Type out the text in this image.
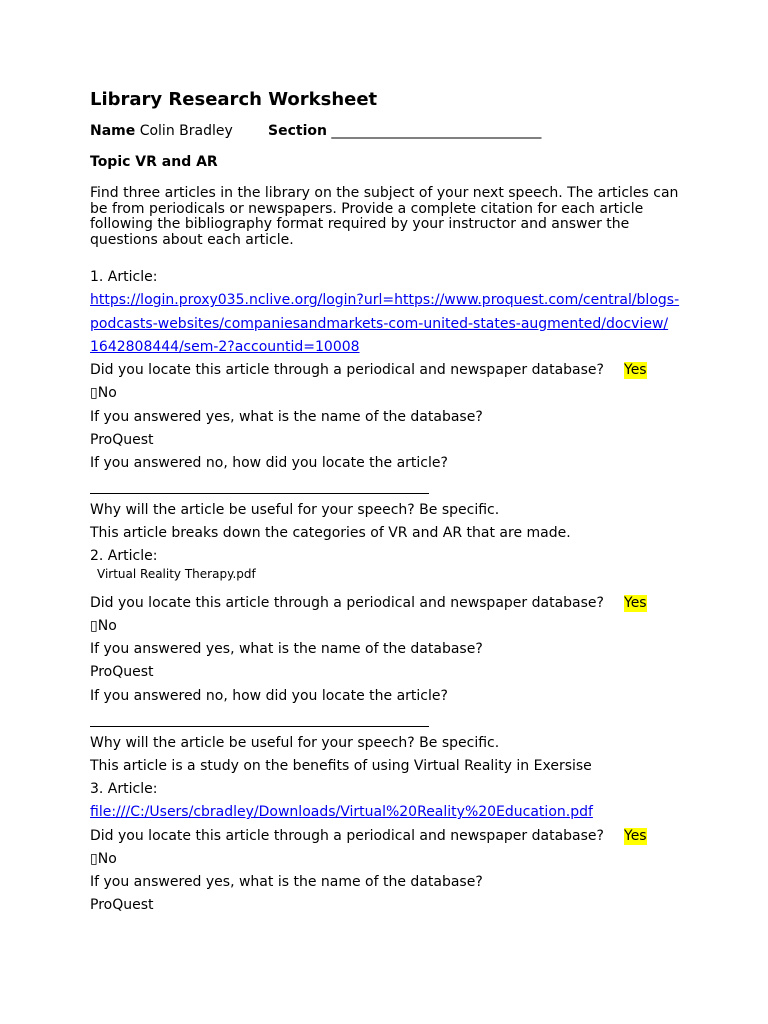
Library Research Worksheet
Name Colin Bradley	Section ______________________________
Topic VR and AR
Find three articles in the library on the subject of your next speech. The articles can be from periodicals or newspapers. Provide a complete citation for each article following the bibliography format required by your instructor and answer the questions about each article.
1. Article:
https://login.proxy035.nclive.org/login?url=https://www.proquest.com/central/blogs-
podcasts-websites/companiesandmarkets-com-united-states-augmented/docview/
1642808444/sem-2?accountid=10008
Did you locate this article through a periodical and newspaper database? Yes
▯No
If you answered yes, what is the name of the database?
ProQuest
If you answered no, how did you locate the article?
Why will the article be useful for your speech? Be specific.
This article breaks down the categories of VR and AR that are made.
2. Article:
Virtual Reality Therapy.pdf
Did you locate this article through a periodical and newspaper database? Yes
▯No
If you answered yes, what is the name of the database?
ProQuest
If you answered no, how did you locate the article?
Why will the article be useful for your speech? Be specific.
This article is a study on the benefits of using Virtual Reality in Exersise
3. Article:
file:///C:/Users/cbradley/Downloads/Virtual%20Reality%20Education.pdf
Did you locate this article through a periodical and newspaper database? Yes
▯No
If you answered yes, what is the name of the database?
ProQuest
